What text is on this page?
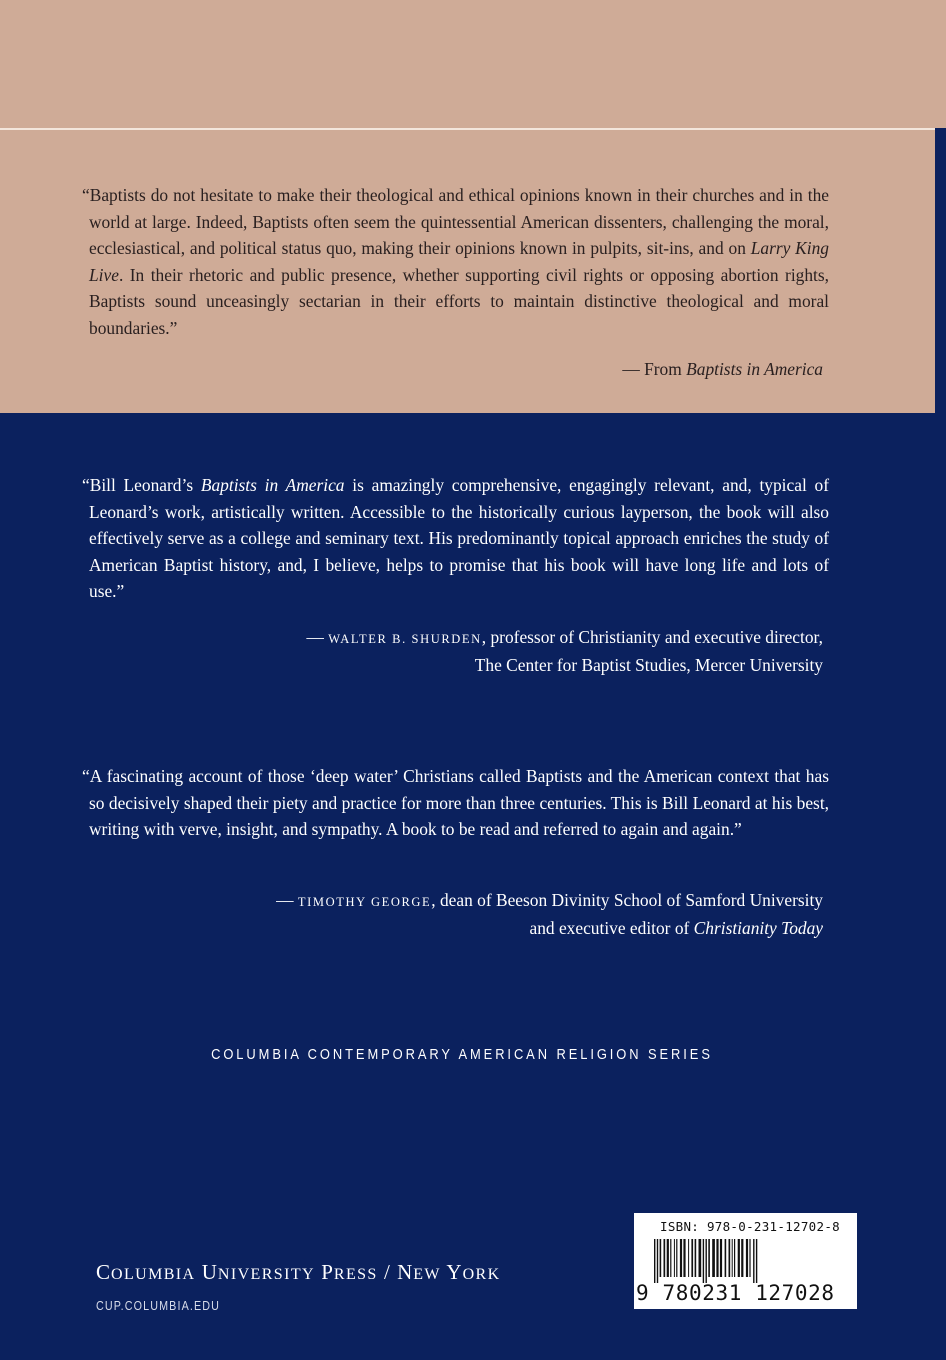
“Baptists do not hesitate to make their theological and ethical opinions known in their churches and in the world at large. Indeed, Baptists often seem the quintessential American dissenters, challenging the moral, ecclesiastical, and political status quo, making their opinions known in pulpits, sit-ins, and on Larry King Live. In their rhetoric and public presence, whether supporting civil rights or opposing abortion rights, Baptists sound unceasingly sectarian in their efforts to maintain distinctive theological and moral boundaries.”

— From Baptists in America

“Bill Leonard’s Baptists in America is amazingly comprehensive, engagingly relevant, and, typical of Leonard’s work, artistically written. Accessible to the historically curious layperson, the book will also effectively serve as a college and seminary text. His predominantly topical approach enriches the study of American Baptist history, and, I believe, helps to promise that his book will have long life and lots of use.”

— WALTER B. SHURDEN, professor of Christianity and executive director,
The Center for Baptist Studies, Mercer University

“A fascinating account of those ‘deep water’ Christians called Baptists and the American context that has so decisively shaped their piety and practice for more than three centuries. This is Bill Leonard at his best, writing with verve, insight, and sympathy. A book to be read and referred to again and again.”

— TIMOTHY GEORGE, dean of Beeson Divinity School of Samford University
and executive editor of Christianity Today

COLUMBIA CONTEMPORARY AMERICAN RELIGION SERIES
COLUMBIA UNIVERSITY PRESS / NEW YORK
CUP.COLUMBIA.EDU
ISBN: 978-0-231-12702-8
9 780231 127028
